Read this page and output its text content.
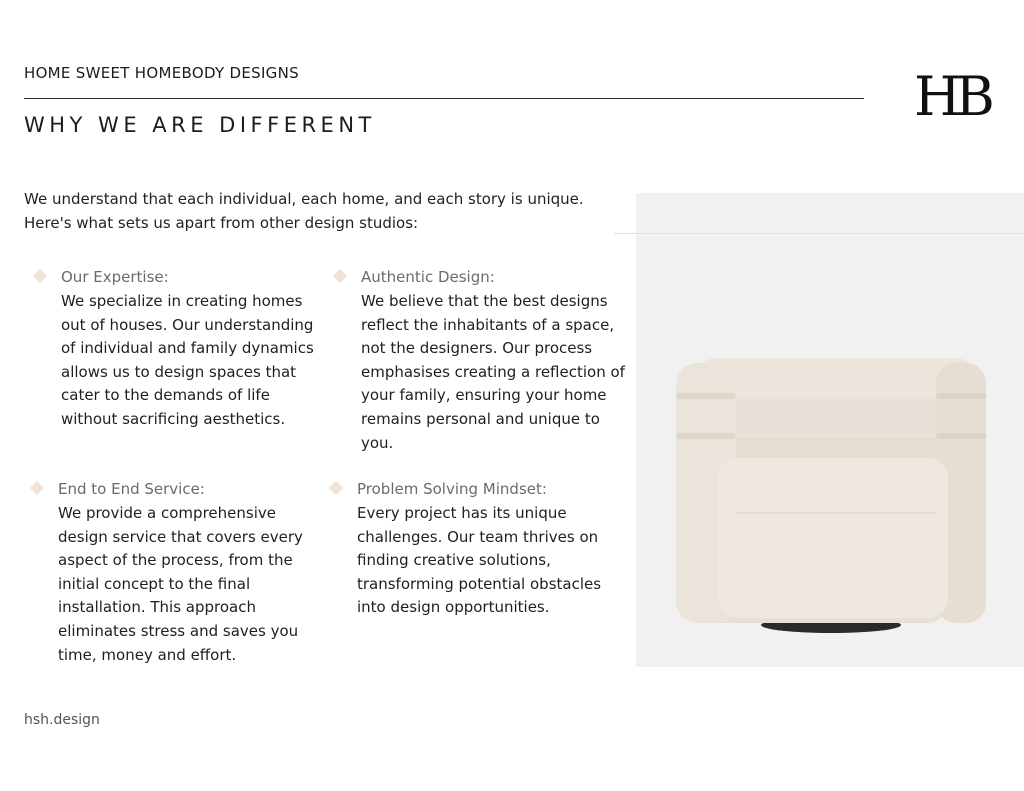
HOME SWEET HOMEBODY DESIGNS
WHY WE ARE DIFFERENT	HB
We understand that each individual, each home, and each story is unique. Here's what sets us apart from other design studios:
Our Expertise:
We specialize in creating homes out of houses. Our understanding of individual and family dynamics allows us to design spaces that cater to the demands of life without sacrificing aesthetics.
Authentic Design:
We believe that the best designs reflect the inhabitants of a space, not the designers. Our process emphasises creating a reflection of your family, ensuring your home remains personal and unique to you.
End to End Service:
We provide a comprehensive design service that covers every aspect of the process, from the initial concept to the final installation. This approach eliminates stress and saves you time, money and effort.
Problem Solving Mindset:
Every project has its unique challenges. Our team thrives on finding creative solutions, transforming potential obstacles into design opportunities.
hsh.design
